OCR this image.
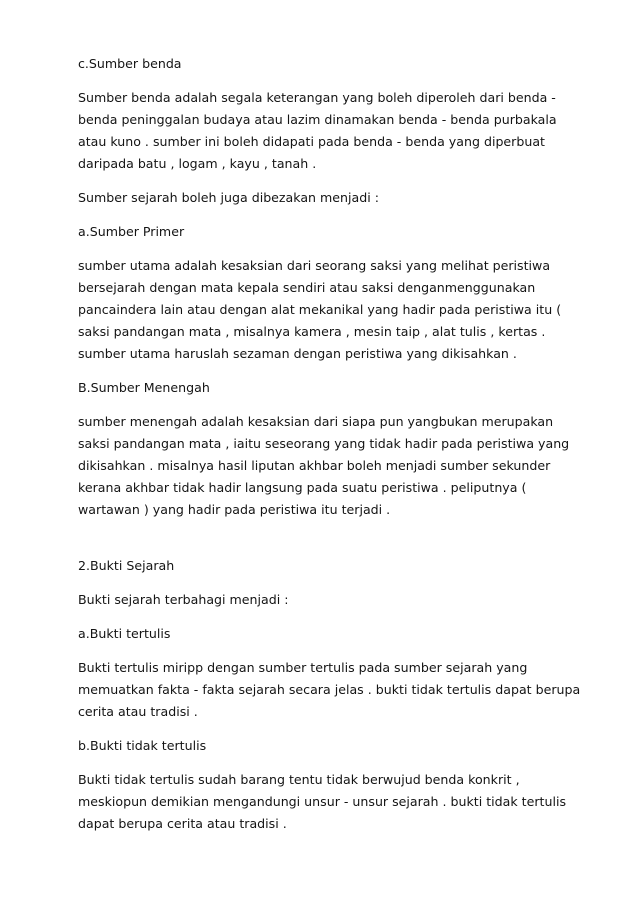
c.Sumber benda
Sumber benda adalah segala keterangan yang boleh diperoleh dari benda -
benda peninggalan budaya atau lazim dinamakan benda - benda purbakala
atau kuno . sumber ini boleh didapati pada benda - benda yang diperbuat
daripada batu , logam , kayu , tanah .
Sumber sejarah boleh juga dibezakan menjadi :
a.Sumber Primer
sumber utama adalah kesaksian dari seorang saksi yang melihat peristiwa
bersejarah dengan mata kepala sendiri atau saksi denganmenggunakan
pancaindera lain atau dengan alat mekanikal yang hadir pada peristiwa itu (
saksi pandangan mata , misalnya kamera , mesin taip , alat tulis , kertas .
sumber utama haruslah sezaman dengan peristiwa yang dikisahkan .
B.Sumber Menengah
sumber menengah adalah kesaksian dari siapa pun yangbukan merupakan
saksi pandangan mata , iaitu seseorang yang tidak hadir pada peristiwa yang
dikisahkan . misalnya hasil liputan akhbar boleh menjadi sumber sekunder
kerana akhbar tidak hadir langsung pada suatu peristiwa . peliputnya (
wartawan ) yang hadir pada peristiwa itu terjadi .
2.Bukti Sejarah
Bukti sejarah terbahagi menjadi :
a.Bukti tertulis
Bukti tertulis miripp dengan sumber tertulis pada sumber sejarah yang
memuatkan fakta - fakta sejarah secara jelas . bukti tidak tertulis dapat berupa
cerita atau tradisi .
b.Bukti tidak tertulis
Bukti tidak tertulis sudah barang tentu tidak berwujud benda konkrit ,
meskiopun demikian mengandungi unsur - unsur sejarah . bukti tidak tertulis
dapat berupa cerita atau tradisi .
